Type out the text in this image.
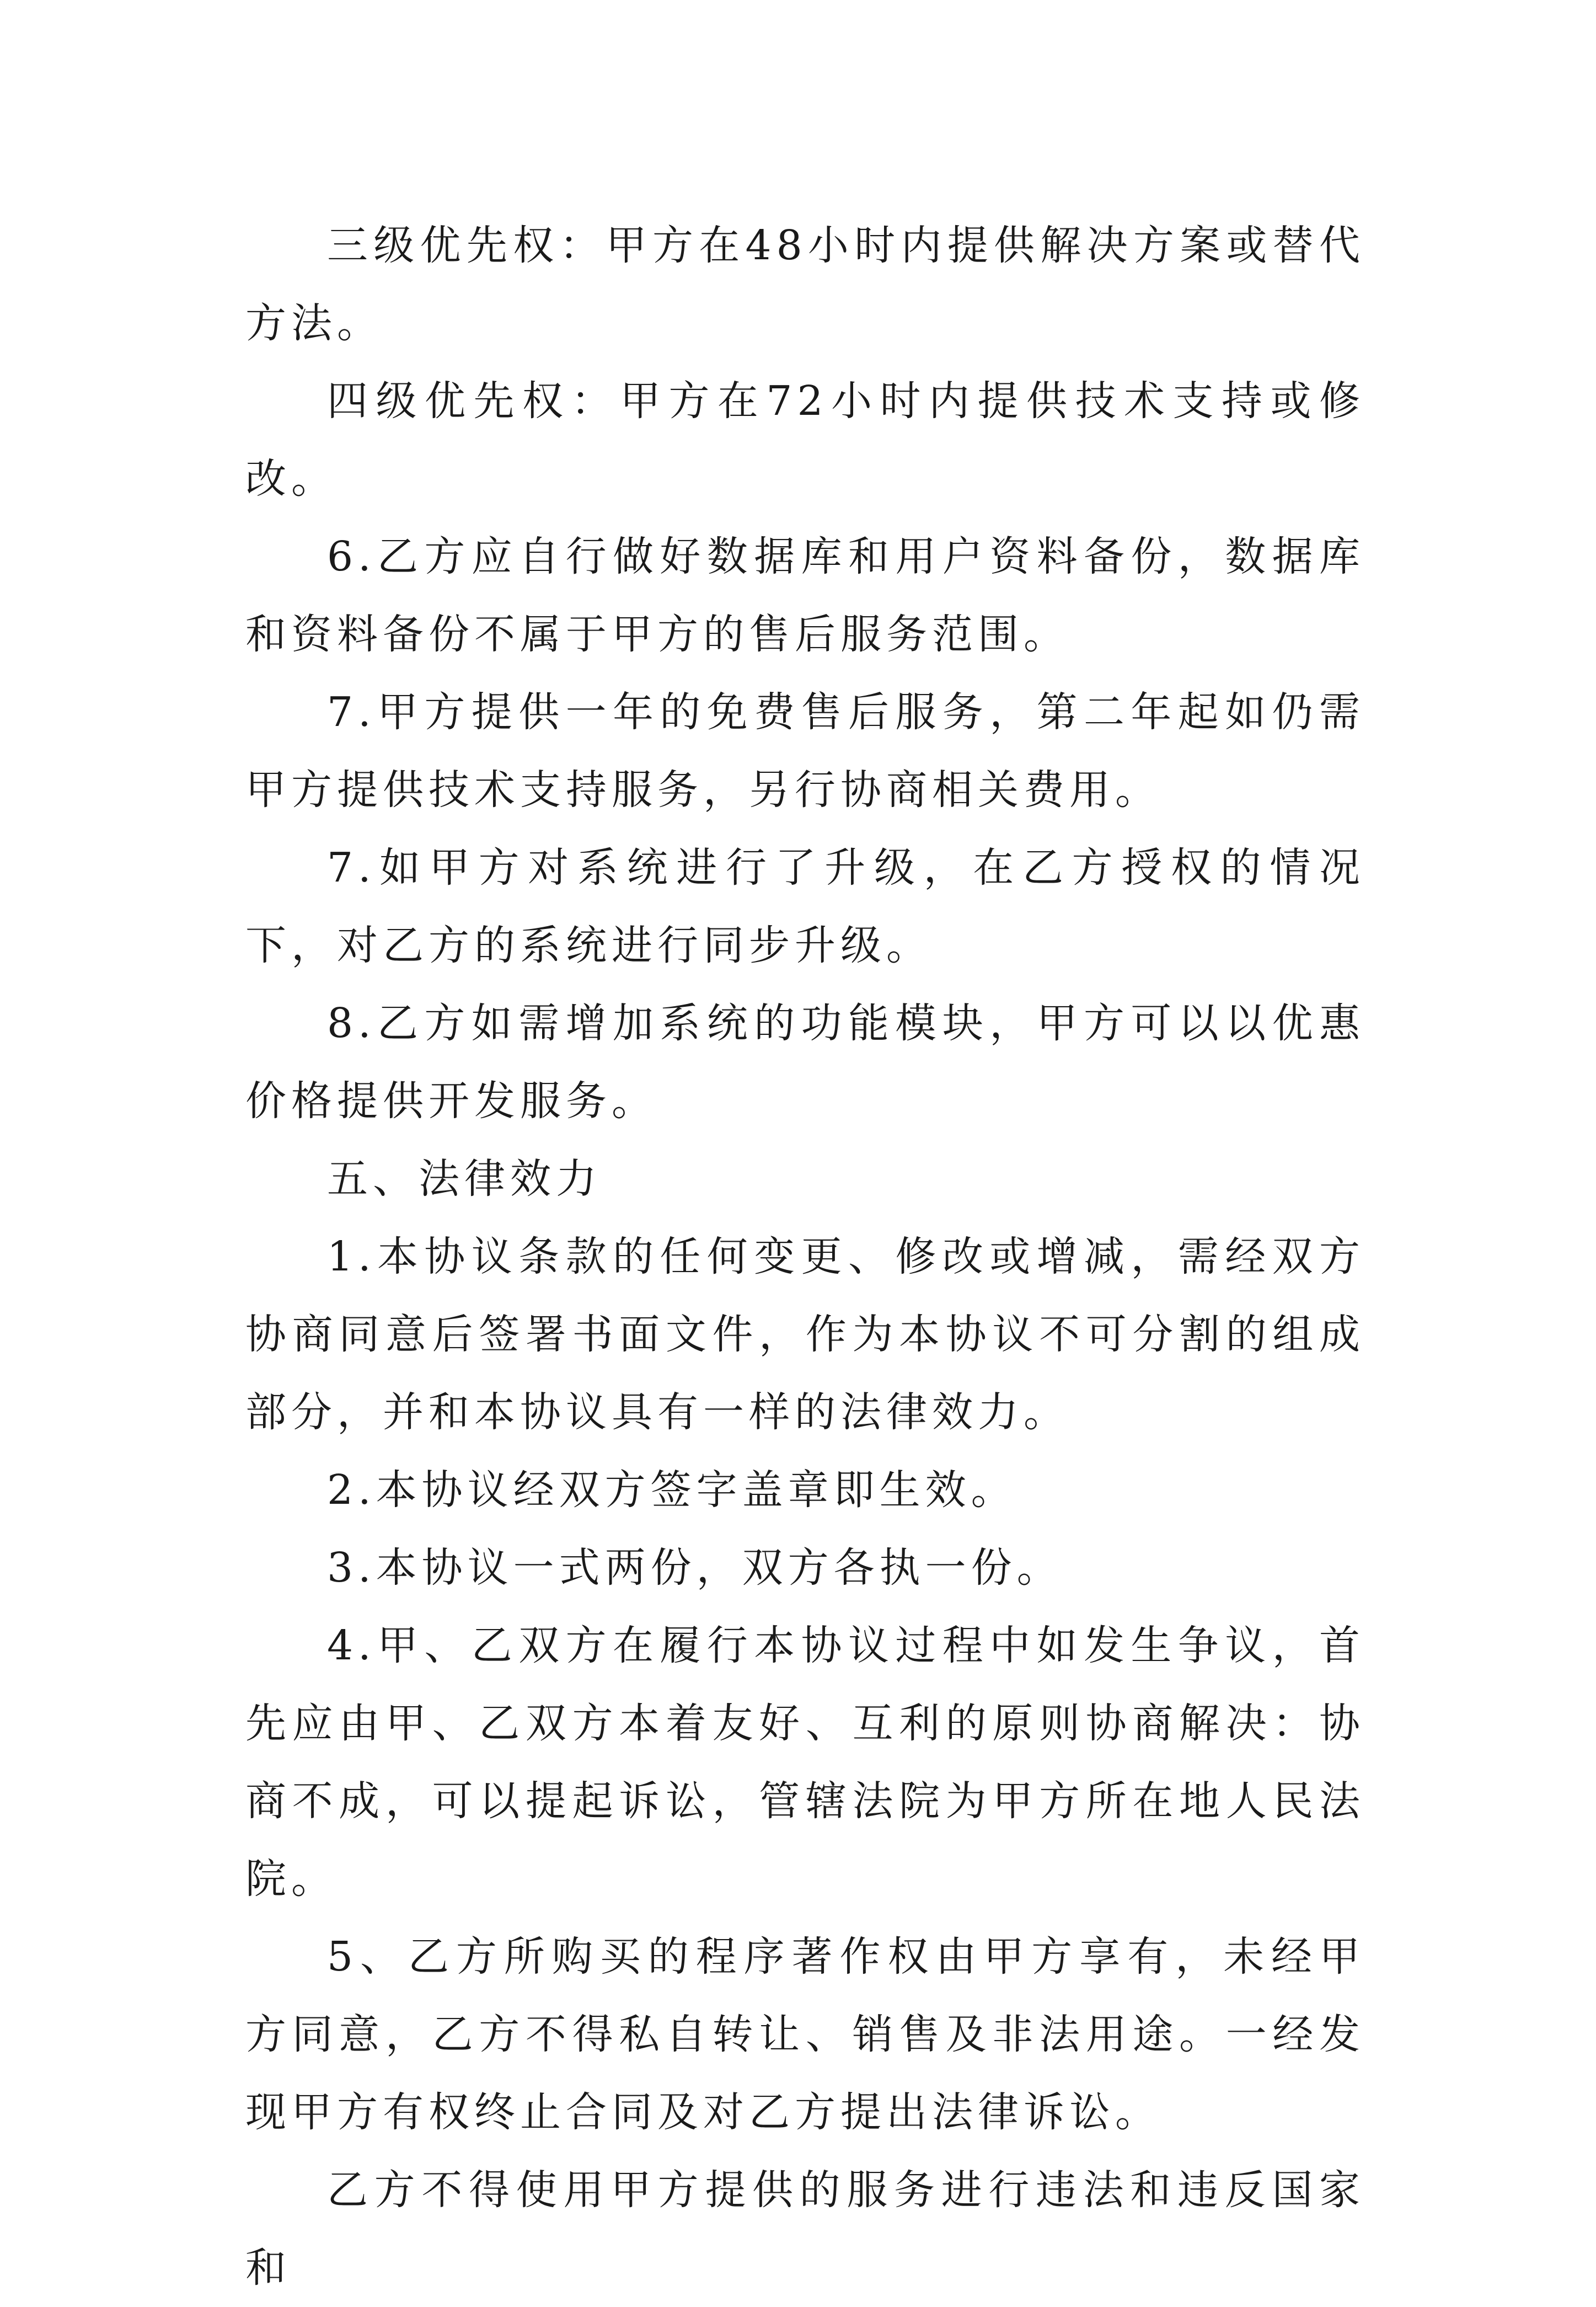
三级优先权：甲方在48小时内提供解决方案或替代方法。

四级优先权：甲方在72小时内提供技术支持或修改。

6.乙方应自行做好数据库和用户资料备份，数据库和资料备份不属于甲方的售后服务范围。

7.甲方提供一年的免费售后服务，第二年起如仍需甲方提供技术支持服务，另行协商相关费用。

7.如甲方对系统进行了升级，在乙方授权的情况下，对乙方的系统进行同步升级。

8.乙方如需增加系统的功能模块，甲方可以以优惠价格提供开发服务。

五、法律效力

1.本协议条款的任何变更、修改或增减，需经双方协商同意后签署书面文件，作为本协议不可分割的组成部分，并和本协议具有一样的法律效力。

2.本协议经双方签字盖章即生效。

3.本协议一式两份，双方各执一份。

4.甲、乙双方在履行本协议过程中如发生争议，首先应由甲、乙双方本着友好、互利的原则协商解决：协商不成，可以提起诉讼，管辖法院为甲方所在地人民法院。

5、乙方所购买的程序著作权由甲方享有，未经甲方同意，乙方不得私自转让、销售及非法用途。一经发现甲方有权终止合同及对乙方提出法律诉讼。

乙方不得使用甲方提供的服务进行违法和违反国家和
